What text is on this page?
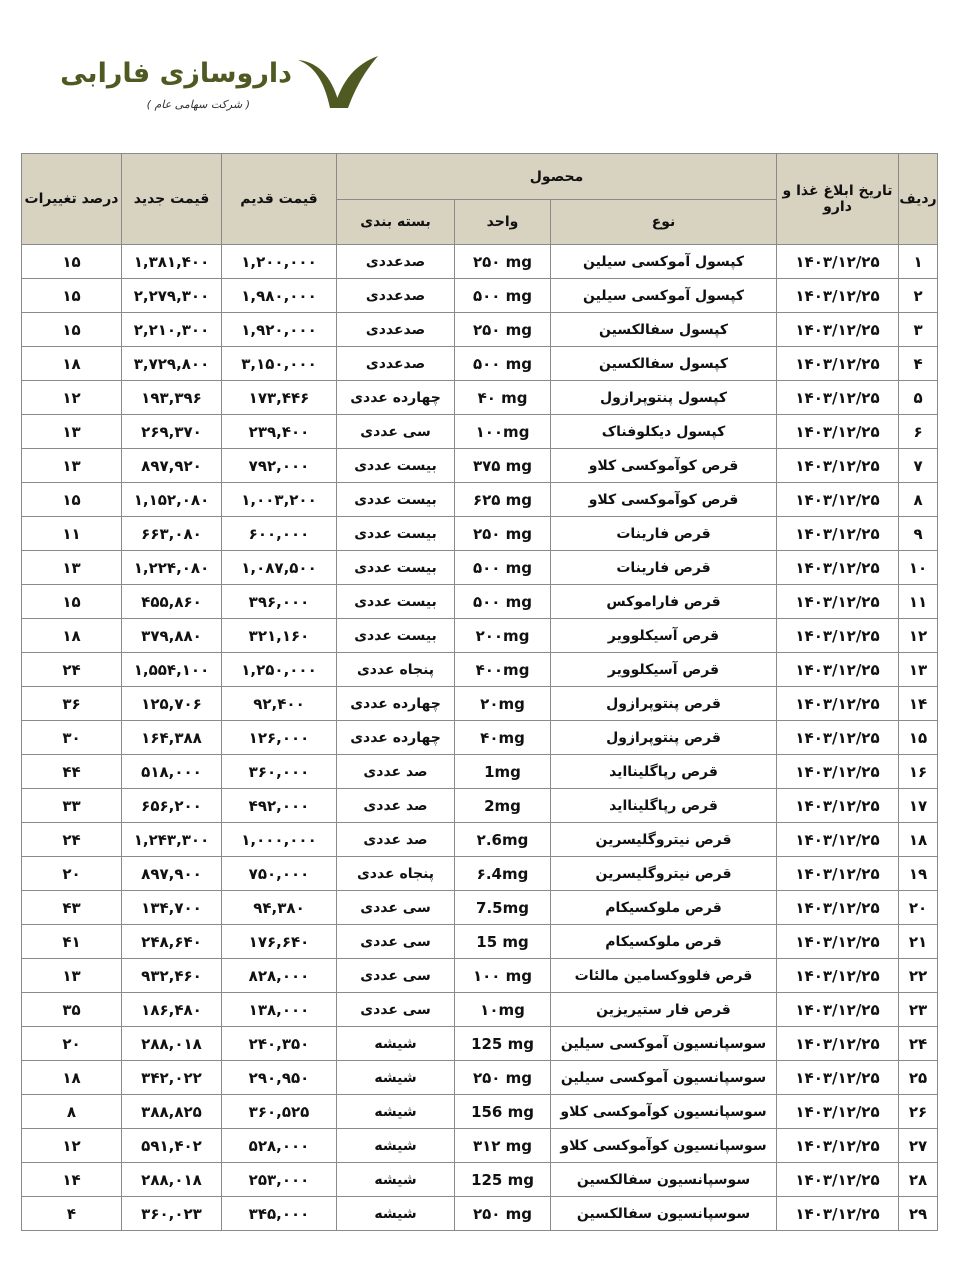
داروسازی فارابی
( شرکت سهامی عام )
ردیف	تاریخ ابلاغ غذا و دارو	محصول			قیمت قدیم	قیمت جدید	درصد تغییرات
		نوع	واحد	بسته بندی			
۱	۱۴۰۳/۱۲/۲۵	کپسول آموکسی سیلین	۲۵۰ mg	صدعددی	۱,۲۰۰,۰۰۰	۱,۳۸۱,۴۰۰	۱۵
۲	۱۴۰۳/۱۲/۲۵	کپسول آموکسی سیلین	۵۰۰ mg	صدعددی	۱,۹۸۰,۰۰۰	۲,۲۷۹,۳۰۰	۱۵
۳	۱۴۰۳/۱۲/۲۵	کپسول سفالکسین	۲۵۰ mg	صدعددی	۱,۹۲۰,۰۰۰	۲,۲۱۰,۳۰۰	۱۵
۴	۱۴۰۳/۱۲/۲۵	کپسول سفالکسین	۵۰۰ mg	صدعددی	۳,۱۵۰,۰۰۰	۳,۷۲۹,۸۰۰	۱۸
۵	۱۴۰۳/۱۲/۲۵	کپسول پنتوپرازول	۴۰ mg	چهارده عددی	۱۷۳,۴۴۶	۱۹۳,۳۹۶	۱۲
۶	۱۴۰۳/۱۲/۲۵	کپسول دیکلوفناک	۱۰۰mg	سی عددی	۲۳۹,۴۰۰	۲۶۹,۳۷۰	۱۳
۷	۱۴۰۳/۱۲/۲۵	قرص کوآموکسی کلاو	۳۷۵ mg	بیست عددی	۷۹۲,۰۰۰	۸۹۷,۹۲۰	۱۳
۸	۱۴۰۳/۱۲/۲۵	قرص کوآموکسی کلاو	۶۲۵ mg	بیست عددی	۱,۰۰۳,۲۰۰	۱,۱۵۲,۰۸۰	۱۵
۹	۱۴۰۳/۱۲/۲۵	قرص فارینات	۲۵۰ mg	بیست عددی	۶۰۰,۰۰۰	۶۶۳,۰۸۰	۱۱
۱۰	۱۴۰۳/۱۲/۲۵	قرص فارینات	۵۰۰ mg	بیست عددی	۱,۰۸۷,۵۰۰	۱,۲۲۴,۰۸۰	۱۳
۱۱	۱۴۰۳/۱۲/۲۵	قرص فاراموکس	۵۰۰ mg	بیست عددی	۳۹۶,۰۰۰	۴۵۵,۸۶۰	۱۵
۱۲	۱۴۰۳/۱۲/۲۵	قرص آسیکلوویر	۲۰۰mg	بیست عددی	۳۲۱,۱۶۰	۳۷۹,۸۸۰	۱۸
۱۳	۱۴۰۳/۱۲/۲۵	قرص آسیکلوویر	۴۰۰mg	پنجاه عددی	۱,۲۵۰,۰۰۰	۱,۵۵۴,۱۰۰	۲۴
۱۴	۱۴۰۳/۱۲/۲۵	قرص پنتوپرازول	۲۰mg	چهارده عددی	۹۲,۴۰۰	۱۲۵,۷۰۶	۳۶
۱۵	۱۴۰۳/۱۲/۲۵	قرص پنتوپرازول	۴۰mg	چهارده عددی	۱۲۶,۰۰۰	۱۶۴,۳۸۸	۳۰
۱۶	۱۴۰۳/۱۲/۲۵	قرص رپاگلینااید	1mg	صد عددی	۳۶۰,۰۰۰	۵۱۸,۰۰۰	۴۴
۱۷	۱۴۰۳/۱۲/۲۵	قرص رپاگلینااید	2mg	صد عددی	۴۹۲,۰۰۰	۶۵۶,۲۰۰	۳۳
۱۸	۱۴۰۳/۱۲/۲۵	قرص نیتروگلیسرین	۲.6mg	صد عددی	۱,۰۰۰,۰۰۰	۱,۲۴۳,۳۰۰	۲۴
۱۹	۱۴۰۳/۱۲/۲۵	قرص نیتروگلیسرین	۶.4mg	پنجاه عددی	۷۵۰,۰۰۰	۸۹۷,۹۰۰	۲۰
۲۰	۱۴۰۳/۱۲/۲۵	قرص ملوکسیکام	7.5mg	سی عددی	۹۴,۳۸۰	۱۳۴,۷۰۰	۴۳
۲۱	۱۴۰۳/۱۲/۲۵	قرص ملوکسیکام	15 mg	سی عددی	۱۷۶,۶۴۰	۲۴۸,۶۴۰	۴۱
۲۲	۱۴۰۳/۱۲/۲۵	قرص فلووکسامین مالئات	۱۰۰ mg	سی عددی	۸۲۸,۰۰۰	۹۳۲,۴۶۰	۱۳
۲۳	۱۴۰۳/۱۲/۲۵	قرص فار ستیریزین	۱۰mg	سی عددی	۱۳۸,۰۰۰	۱۸۶,۴۸۰	۳۵
۲۴	۱۴۰۳/۱۲/۲۵	سوسپانسیون آموکسی سیلین	125 mg	شیشه	۲۴۰,۳۵۰	۲۸۸,۰۱۸	۲۰
۲۵	۱۴۰۳/۱۲/۲۵	سوسپانسیون آموکسی سیلین	۲۵۰ mg	شیشه	۲۹۰,۹۵۰	۳۴۲,۰۲۲	۱۸
۲۶	۱۴۰۳/۱۲/۲۵	سوسپانسیون کوآموکسی کلاو	156 mg	شیشه	۳۶۰,۵۲۵	۳۸۸,۸۲۵	۸
۲۷	۱۴۰۳/۱۲/۲۵	سوسپانسیون کوآموکسی کلاو	۳۱۲ mg	شیشه	۵۲۸,۰۰۰	۵۹۱,۴۰۲	۱۲
۲۸	۱۴۰۳/۱۲/۲۵	سوسپانسیون سفالکسین	125 mg	شیشه	۲۵۳,۰۰۰	۲۸۸,۰۱۸	۱۴
۲۹	۱۴۰۳/۱۲/۲۵	سوسپانسیون سفالکسین	۲۵۰ mg	شیشه	۳۴۵,۰۰۰	۳۶۰,۰۲۳	۴
